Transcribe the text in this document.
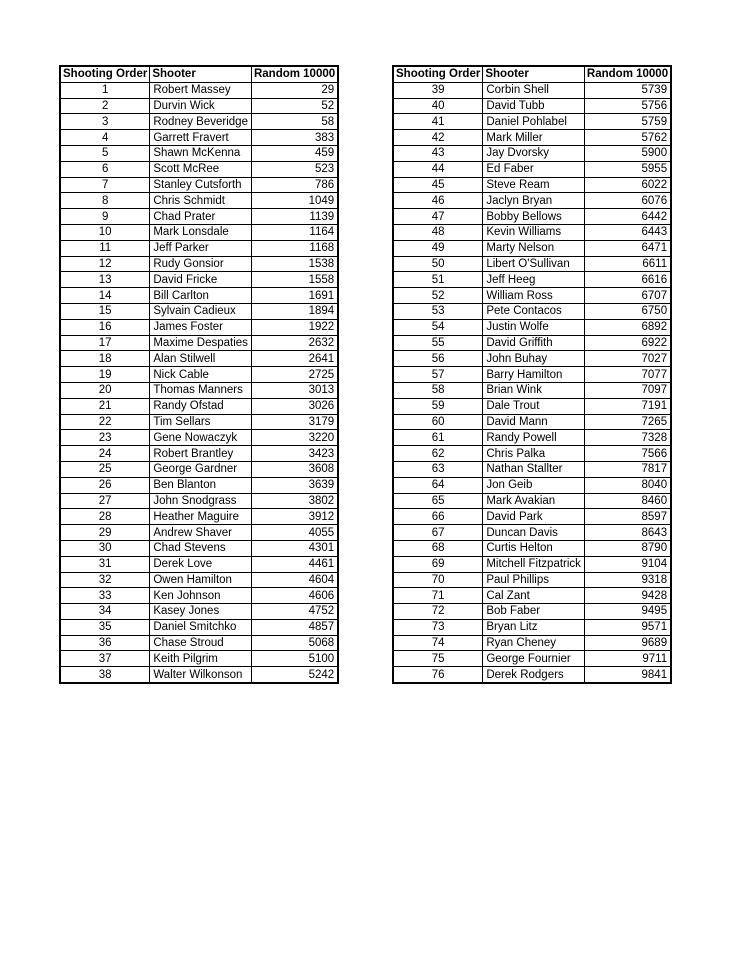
Shooting Order	Shooter	Random 10000
1	Robert Massey	29
2	Durvin Wick	52
3	Rodney Beveridge	58
4	Garrett Fravert	383
5	Shawn McKenna	459
6	Scott McRee	523
7	Stanley Cutsforth	786
8	Chris Schmidt	1049
9	Chad Prater	1139
10	Mark Lonsdale	1164
11	Jeff Parker	1168
12	Rudy Gonsior	1538
13	David Fricke	1558
14	Bill Carlton	1691
15	Sylvain Cadieux	1894
16	James Foster	1922
17	Maxime Despaties	2632
18	Alan Stilwell	2641
19	Nick Cable	2725
20	Thomas Manners	3013
21	Randy Ofstad	3026
22	Tim Sellars	3179
23	Gene Nowaczyk	3220
24	Robert Brantley	3423
25	George Gardner	3608
26	Ben Blanton	3639
27	John Snodgrass	3802
28	Heather Maguire	3912
29	Andrew Shaver	4055
30	Chad Stevens	4301
31	Derek Love	4461
32	Owen Hamilton	4604
33	Ken Johnson	4606
34	Kasey Jones	4752
35	Daniel Smitchko	4857
36	Chase Stroud	5068
37	Keith Pilgrim	5100
38	Walter Wilkonson	5242
Shooting Order	Shooter	Random 10000
39	Corbin Shell	5739
40	David Tubb	5756
41	Daniel Pohlabel	5759
42	Mark Miller	5762
43	Jay Dvorsky	5900
44	Ed Faber	5955
45	Steve Ream	6022
46	Jaclyn Bryan	6076
47	Bobby Bellows	6442
48	Kevin Williams	6443
49	Marty Nelson	6471
50	Libert O'Sullivan	6611
51	Jeff Heeg	6616
52	William Ross	6707
53	Pete Contacos	6750
54	Justin Wolfe	6892
55	David Griffith	6922
56	John Buhay	7027
57	Barry Hamilton	7077
58	Brian Wink	7097
59	Dale Trout	7191
60	David Mann	7265
61	Randy Powell	7328
62	Chris Palka	7566
63	Nathan Stallter	7817
64	Jon Geib	8040
65	Mark Avakian	8460
66	David Park	8597
67	Duncan Davis	8643
68	Curtis Helton	8790
69	Mitchell Fitzpatrick	9104
70	Paul Phillips	9318
71	Cal Zant	9428
72	Bob Faber	9495
73	Bryan Litz	9571
74	Ryan Cheney	9689
75	George Fournier	9711
76	Derek Rodgers	9841
